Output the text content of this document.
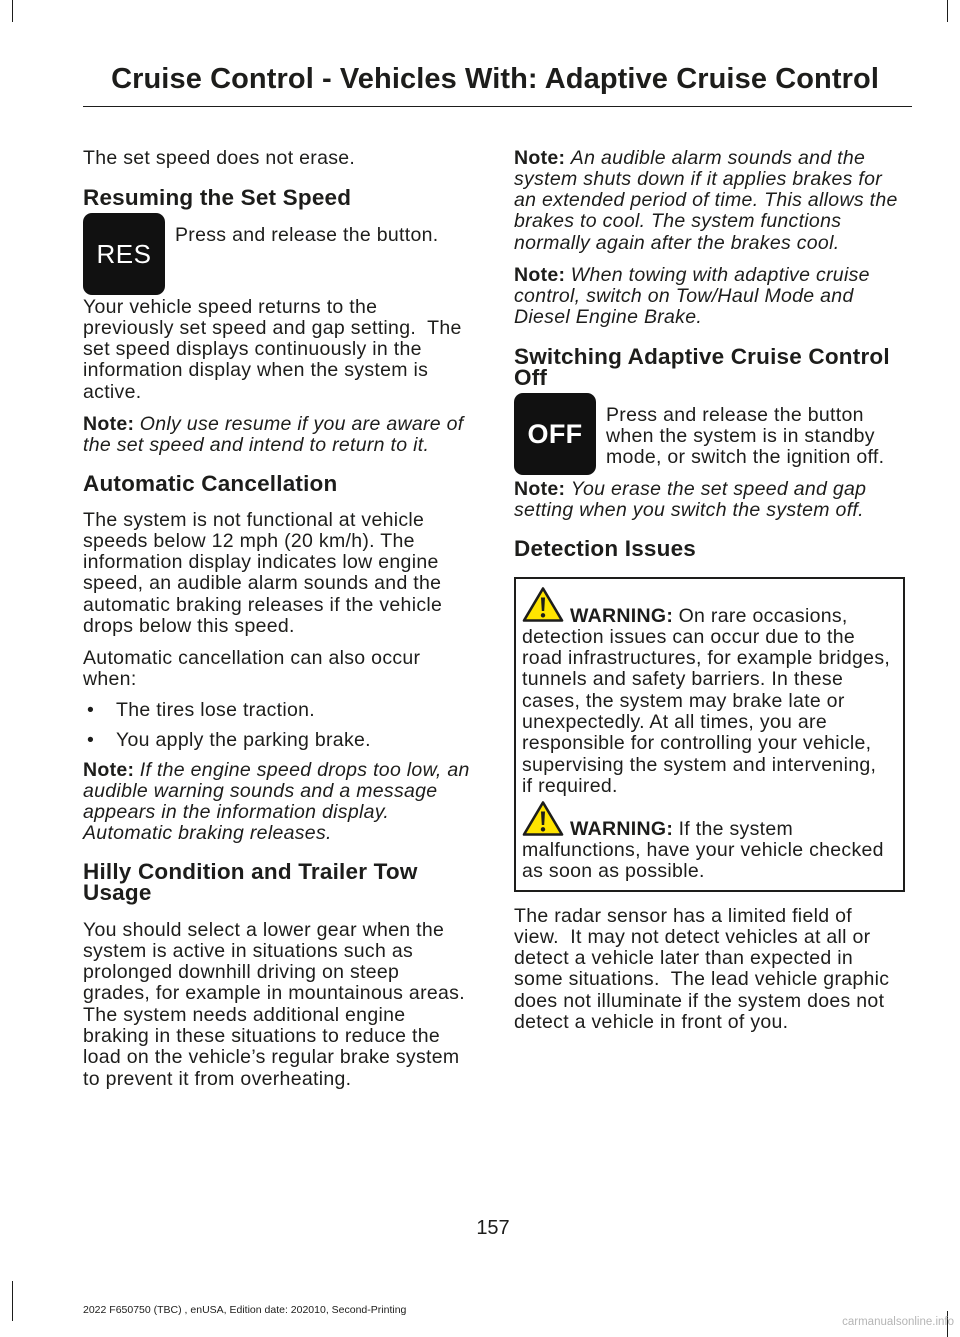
Cruise Control - Vehicles With: Adaptive Cruise Control
The set speed does not erase.
Resuming the Set Speed
RES
Press and release the button.
Your vehicle speed returns to the
previously set speed and gap setting.  The
set speed displays continuously in the
information display when the system is
active.
Note: Only use resume if you are aware of
the set speed and intend to return to it.
Automatic Cancellation
The system is not functional at vehicle
speeds below 12 mph (20 km/h). The
information display indicates low engine
speed, an audible alarm sounds and the
automatic braking releases if the vehicle
drops below this speed.
Automatic cancellation can also occur
when:
• The tires lose traction.
• You apply the parking brake.
Note: If the engine speed drops too low, an
audible warning sounds and a message
appears in the information display.
Automatic braking releases.
Hilly Condition and Trailer Tow
Usage
You should select a lower gear when the
system is active in situations such as
prolonged downhill driving on steep
grades, for example in mountainous areas.
The system needs additional engine
braking in these situations to reduce the
load on the vehicle’s regular brake system
to prevent it from overheating.
Note: An audible alarm sounds and the
system shuts down if it applies brakes for
an extended period of time. This allows the
brakes to cool. The system functions
normally again after the brakes cool.
Note: When towing with adaptive cruise
control, switch on Tow/Haul Mode and
Diesel Engine Brake.
Switching Adaptive Cruise Control
Off
OFF
Press and release the button
when the system is in standby
mode, or switch the ignition off.
Note: You erase the set speed and gap
setting when you switch the system off.
Detection Issues
WARNING: On rare occasions,
detection issues can occur due to the
road infrastructures, for example bridges,
tunnels and safety barriers. In these
cases, the system may brake late or
unexpectedly. At all times, you are
responsible for controlling your vehicle,
supervising the system and intervening,
if required.
WARNING: If the system
malfunctions, have your vehicle checked
as soon as possible.
The radar sensor has a limited field of
view.  It may not detect vehicles at all or
detect a vehicle later than expected in
some situations.  The lead vehicle graphic
does not illuminate if the system does not
detect a vehicle in front of you.
157
2022 F650750 (TBC) , enUSA, Edition date: 202010, Second-Printing
carmanualsonline.info
